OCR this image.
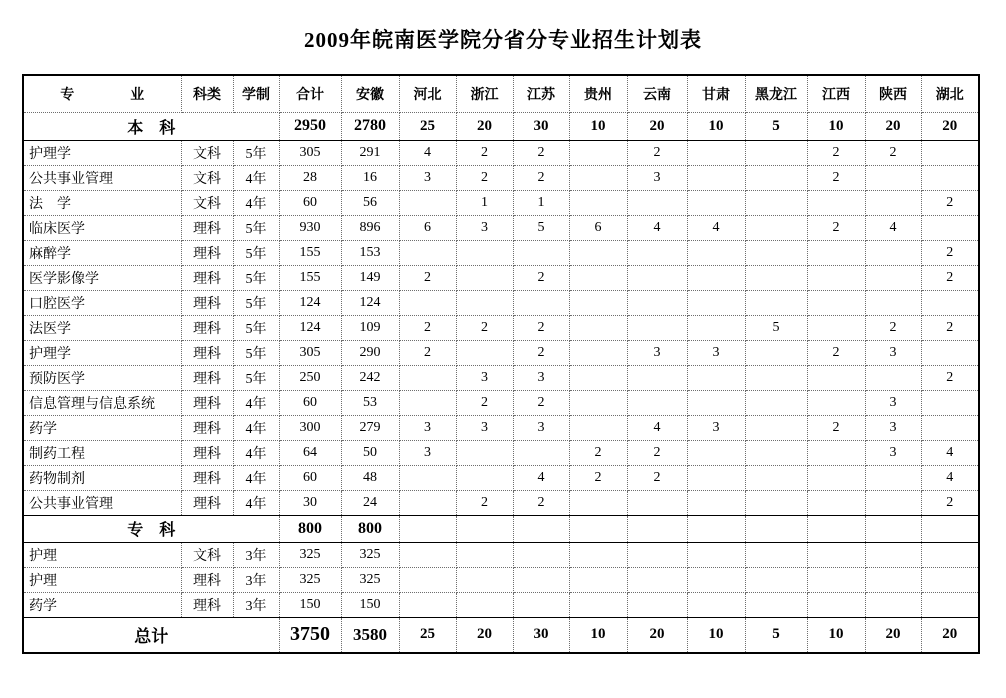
2009年皖南医学院分省分专业招生计划表
专　　　　业	科类	学制	合计	安徽	河北	浙江	江苏	贵州	云南	甘肃	黑龙江	江西	陕西	湖北
本　科			2950	2780	25	20	30	10	20	10	5	10	20	20
护理学	文科	5年	305	291	4	2	2		2			2	2	
公共事业管理	文科	4年	28	16	3	2	2		3			2		
法　学	文科	4年	60	56		1	1							2
临床医学	理科	5年	930	896	6	3	5	6	4	4		2	4	
麻醉学	理科	5年	155	153										2
医学影像学	理科	5年	155	149	2		2							2
口腔医学	理科	5年	124	124										
法医学	理科	5年	124	109	2	2	2				5		2	2
护理学	理科	5年	305	290	2		2		3	3		2	3	
预防医学	理科	5年	250	242		3	3							2
信息管理与信息系统	理科	4年	60	53		2	2						3	
药学	理科	4年	300	279	3	3	3		4	3		2	3	
制药工程	理科	4年	64	50	3			2	2				3	4
药物制剂	理科	4年	60	48			4	2	2					4
公共事业管理	理科	4年	30	24		2	2							2
专　科			800	800										
护理	文科	3年	325	325										
护理	理科	3年	325	325										
药学	理科	3年	150	150										
总计			3750	3580	25	20	30	10	20	10	5	10	20	20
